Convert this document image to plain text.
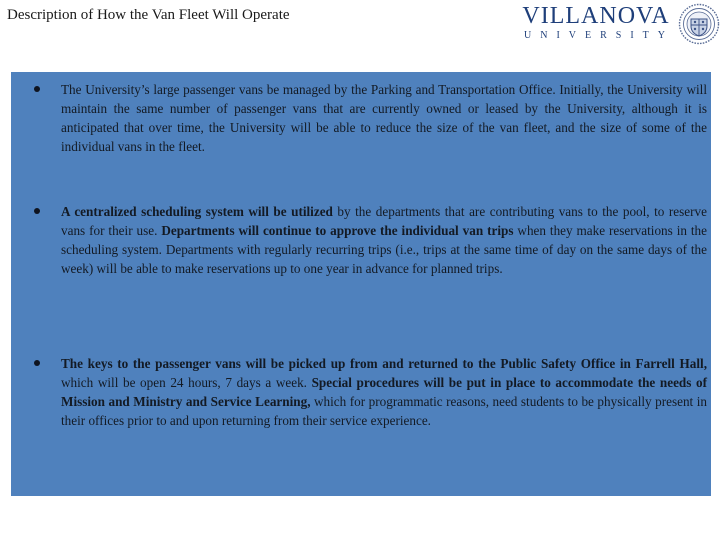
Description of How the Van Fleet Will Operate	VILLANOVA
UNIVERSITY

The University’s large passenger vans be managed by the Parking and Transportation Office. Initially, the University will maintain the same number of passenger vans that are currently owned or leased by the University, although it is anticipated that over time, the University will be able to reduce the size of the van fleet, and the size of some of the individual vans in the fleet.

A centralized scheduling system will be utilized by the departments that are contributing vans to the pool, to reserve vans for their use. Departments will continue to approve the individual van trips when they make reservations in the scheduling system. Departments with regularly recurring trips (i.e., trips at the same time of day on the same days of the week) will be able to make reservations up to one year in advance for planned trips.

The keys to the passenger vans will be picked up from and returned to the Public Safety Office in Farrell Hall, which will be open 24 hours, 7 days a week. Special procedures will be put in place to accommodate the needs of Mission and Ministry and Service Learning, which for programmatic reasons, need students to be physically present in their offices prior to and upon returning from their service experience.
